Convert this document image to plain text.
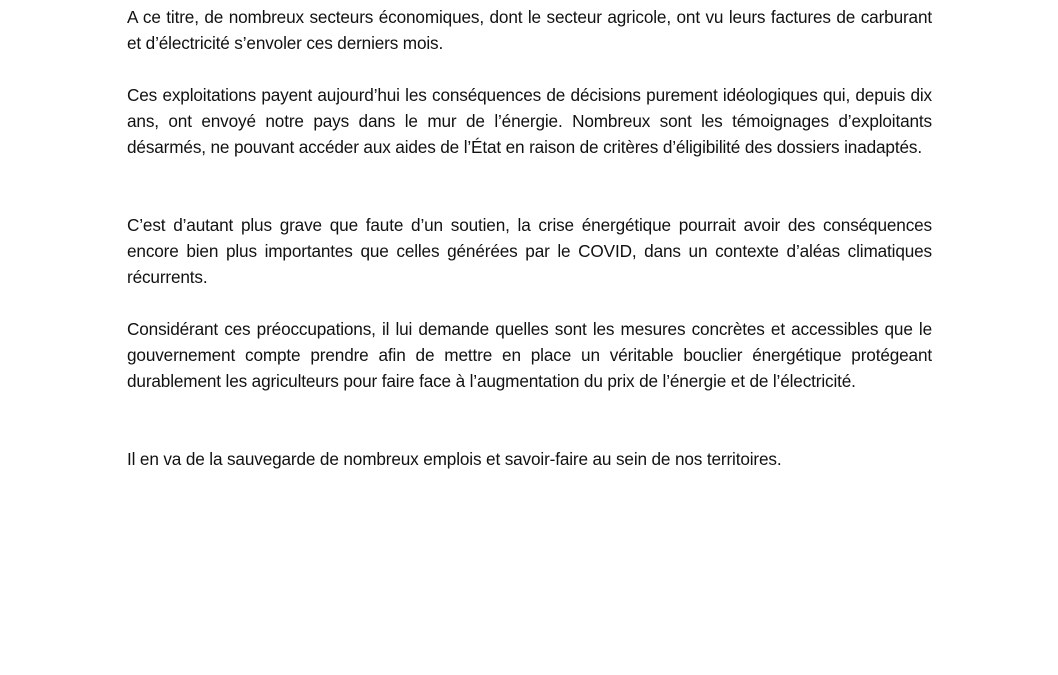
A ce titre, de nombreux secteurs économiques, dont le secteur agricole, ont vu leurs factures de carburant et d’électricité s’envoler ces derniers mois.

Ces exploitations payent aujourd’hui les conséquences de décisions purement idéologiques qui, depuis dix ans, ont envoyé notre pays dans le mur de l’énergie. Nombreux sont les témoignages d’exploitants désarmés, ne pouvant accéder aux aides de l’État en raison de critères d’éligibilité des dossiers inadaptés.

C’est d’autant plus grave que faute d’un soutien, la crise énergétique pourrait avoir des conséquences encore bien plus importantes que celles générées par le COVID, dans un contexte d’aléas climatiques récurrents.

Considérant ces préoccupations, il lui demande quelles sont les mesures concrètes et accessibles que le gouvernement compte prendre afin de mettre en place un véritable bouclier énergétique protégeant durablement les agriculteurs pour faire face à l’augmentation du prix de l’énergie et de l’électricité.

Il en va de la sauvegarde de nombreux emplois et savoir-faire au sein de nos territoires.
